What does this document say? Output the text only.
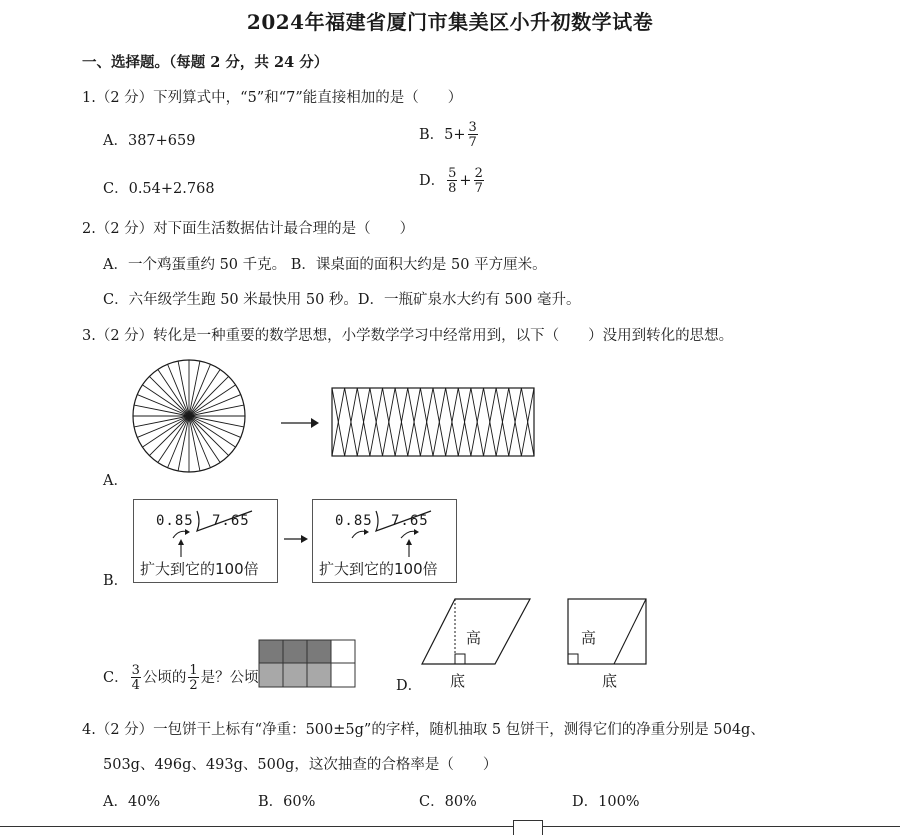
2024年福建省厦门市集美区小升初数学试卷
一、选择题。（每题 2 分，共 24 分）
1.（2 分）下列算式中，“5”和“7”能直接相加的是（　　）
A．387+659	B．$5+ \frac{3}{7}$
C．0.54+2.768	D． $\frac{5}{8} + \frac{2}{7}$
2.（2 分）对下面生活数据估计最合理的是（　　）
A．一个鸡蛋重约 50 千克。 B．课桌面的面积大约是 50 平方厘米。
C．六年级学生跑 50 米最快用 50 秒。D．一瓶矿泉水大约有 500 毫升。
3.（2 分）转化是一种重要的数学思想，小学数学学习中经常用到，以下（　　）没用到转化的思想。
A．
B．
0.85 7.65
扩大到它的100倍
0.85 7.65
扩大到它的100倍
C． $\frac{3}{4}$ 公顷的 $\frac{1}{2}$ 是？公顷	D．
高
底
高
底
4.（2 分）一包饼干上标有“净重：500±5g”的字样，随机抽取 5 包饼干，测得它们的净重分别是 504g、
503g、496g、493g、500g，这次抽查的合格率是（　　）
A．40%	B．60%	C．80%	D．100%
